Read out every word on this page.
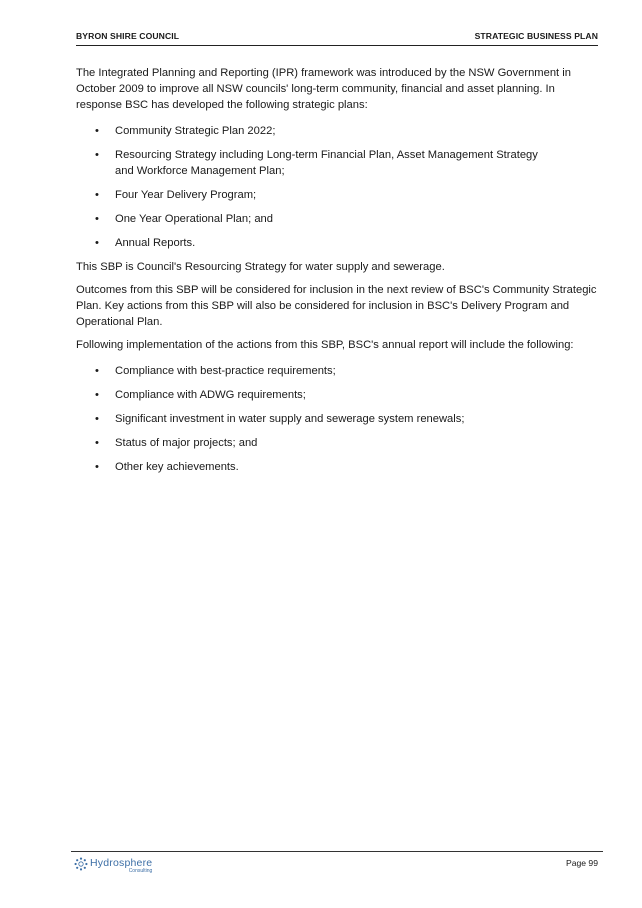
BYRON SHIRE COUNCIL	STRATEGIC BUSINESS PLAN

The Integrated Planning and Reporting (IPR) framework was introduced by the NSW Government in October 2009 to improve all NSW councils' long-term community, financial and asset planning. In response BSC has developed the following strategic plans:

• Community Strategic Plan 2022;
• Resourcing Strategy including Long-term Financial Plan, Asset Management Strategy and Workforce Management Plan;
• Four Year Delivery Program;
• One Year Operational Plan; and
• Annual Reports.

This SBP is Council's Resourcing Strategy for water supply and sewerage.

Outcomes from this SBP will be considered for inclusion in the next review of BSC's Community Strategic Plan. Key actions from this SBP will also be considered for inclusion in BSC's Delivery Program and Operational Plan.

Following implementation of the actions from this SBP, BSC's annual report will include the following:

• Compliance with best-practice requirements;
• Compliance with ADWG requirements;
• Significant investment in water supply and sewerage system renewals;
• Status of major projects; and
• Other key achievements.
Hydrosphere
Consulting
Page 99
